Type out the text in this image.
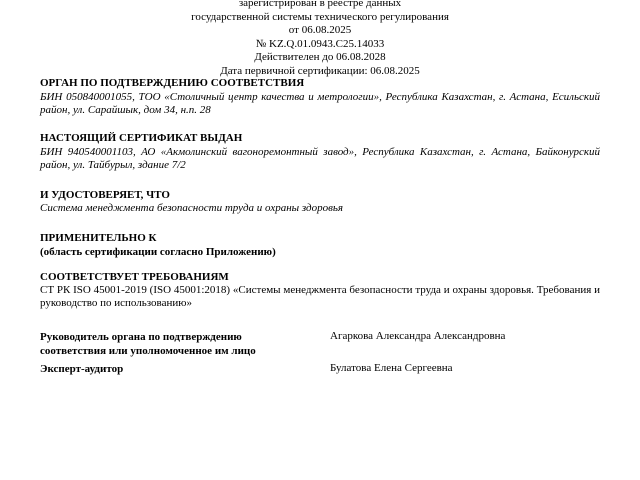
зарегистрирован в реестре данных
государственной системы технического регулирования
от 06.08.2025
№ KZ.Q.01.0943.C25.14033
Действителен до 06.08.2028
Дата первичной сертификации: 06.08.2025
ОРГАН ПО ПОДТВЕРЖДЕНИЮ СООТВЕТСТВИЯ
БИН 050840001055, ТОО «Столичный центр качества и метрологии», Республика Казахстан, г. Астана, Есильский район, ул. Сарайшык, дом 34, н.п. 28
НАСТОЯЩИЙ СЕРТИФИКАТ ВЫДАН
БИН 940540001103, АО «Акмолинский вагоноремонтный завод», Республика Казахстан, г. Астана, Байконурский район, ул. Тайбурыл, здание 7/2
И УДОСТОВЕРЯЕТ, ЧТО
Система менеджмента безопасности труда и охраны здоровья
ПРИМЕНИТЕЛЬНО К
(область сертификации согласно Приложению)
СООТВЕТСТВУЕТ ТРЕБОВАНИЯМ
СТ РК ISO 45001-2019 (ISO 45001:2018) «Системы менеджмента безопасности труда и охраны здоровья. Требования и руководство по использованию»
Руководитель органа по подтверждению соответствия или уполномоченное им лицо
Агаркова Александра Александровна
Эксперт-аудитор	Булатова Елена Сергеевна
